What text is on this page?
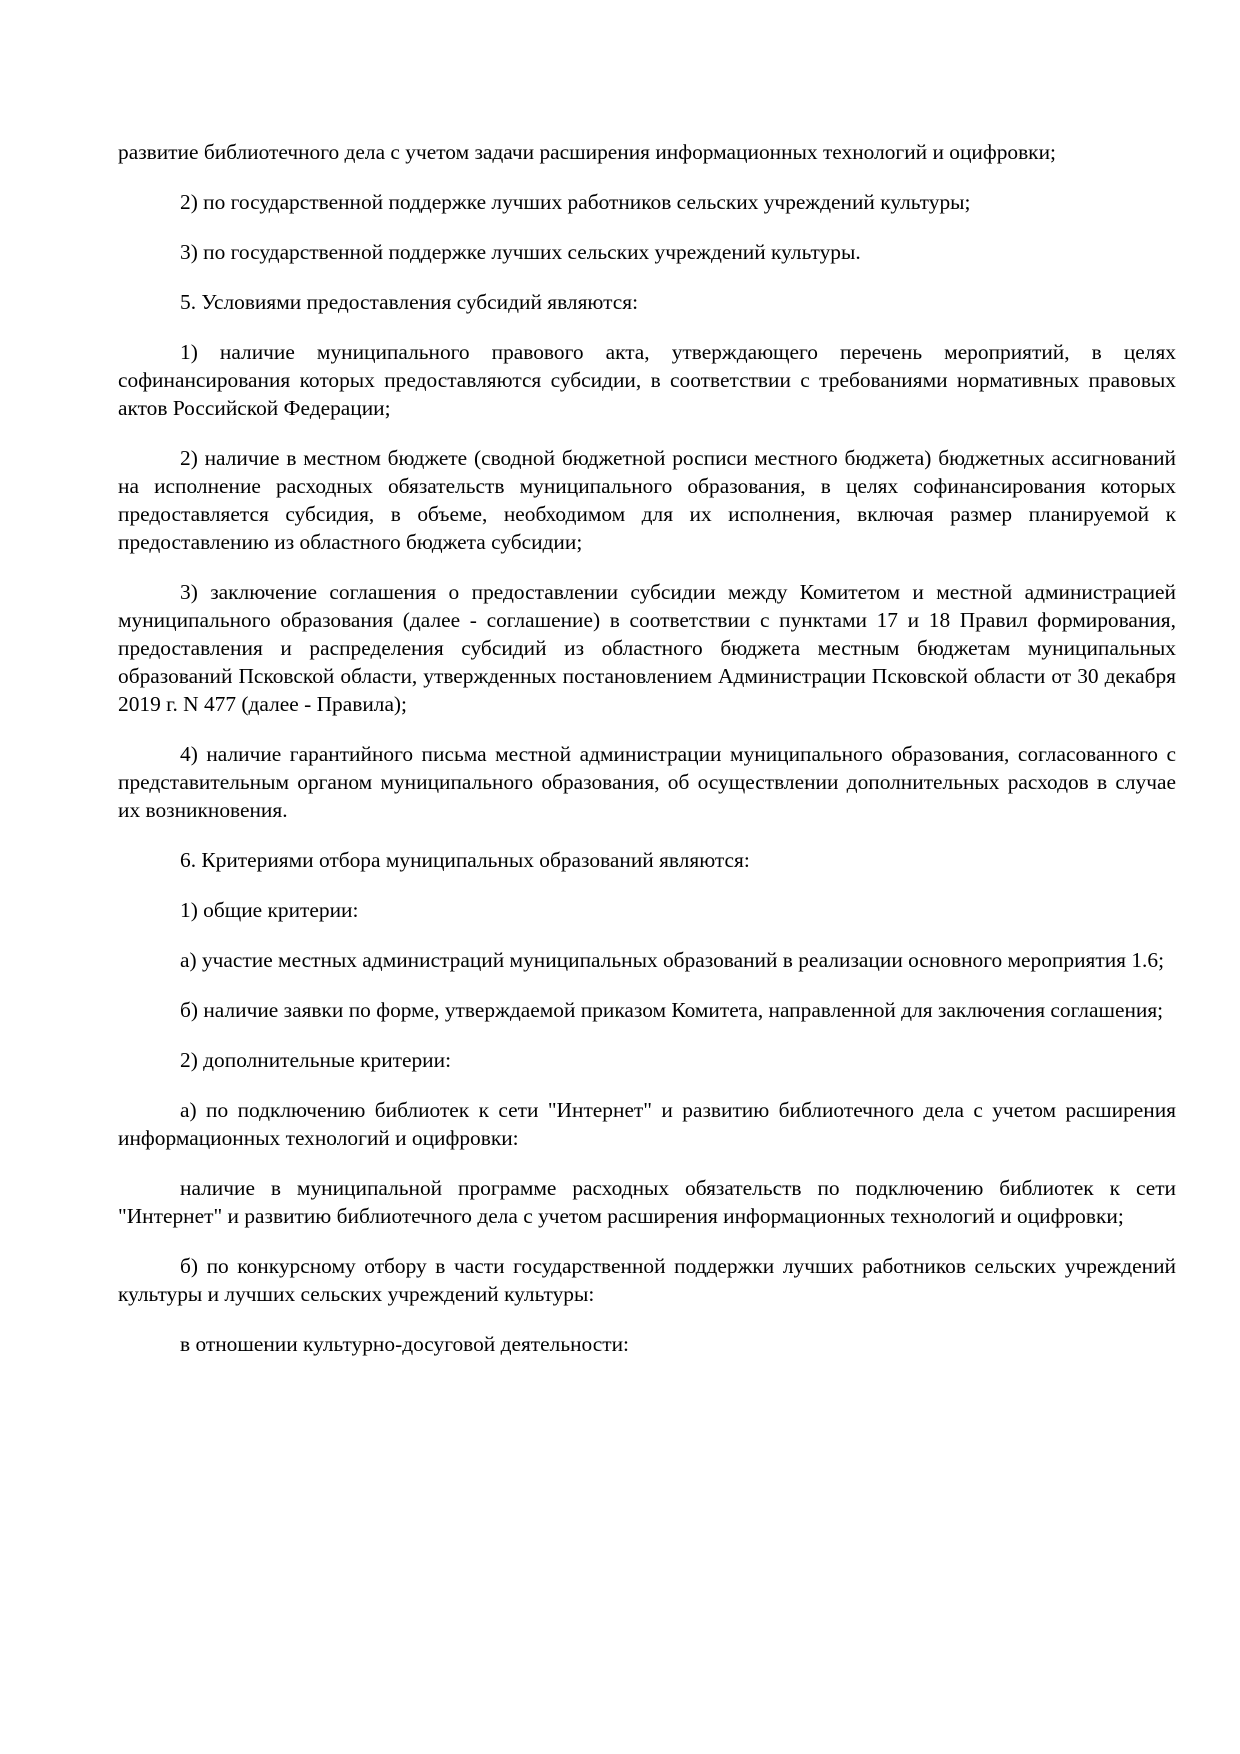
развитие библиотечного дела с учетом задачи расширения информационных технологий и оцифровки;

2) по государственной поддержке лучших работников сельских учреждений культуры;

3) по государственной поддержке лучших сельских учреждений культуры.

5. Условиями предоставления субсидий являются:

1) наличие муниципального правового акта, утверждающего перечень мероприятий, в целях софинансирования которых предоставляются субсидии, в соответствии с требованиями нормативных правовых актов Российской Федерации;

2) наличие в местном бюджете (сводной бюджетной росписи местного бюджета) бюджетных ассигнований на исполнение расходных обязательств муниципального образования, в целях софинансирования которых предоставляется субсидия, в объеме, необходимом для их исполнения, включая размер планируемой к предоставлению из областного бюджета субсидии;

3) заключение соглашения о предоставлении субсидии между Комитетом и местной администрацией муниципального образования (далее - соглашение) в соответствии с пунктами 17 и 18 Правил формирования, предоставления и распределения субсидий из областного бюджета местным бюджетам муниципальных образований Псковской области, утвержденных постановлением Администрации Псковской области от 30 декабря 2019 г. N 477 (далее - Правила);

4) наличие гарантийного письма местной администрации муниципального образования, согласованного с представительным органом муниципального образования, об осуществлении дополнительных расходов в случае их возникновения.

6. Критериями отбора муниципальных образований являются:

1) общие критерии:

а) участие местных администраций муниципальных образований в реализации основного мероприятия 1.6;

б) наличие заявки по форме, утверждаемой приказом Комитета, направленной для заключения соглашения;

2) дополнительные критерии:

а) по подключению библиотек к сети "Интернет" и развитию библиотечного дела с учетом расширения информационных технологий и оцифровки:

наличие в муниципальной программе расходных обязательств по подключению библиотек к сети "Интернет" и развитию библиотечного дела с учетом расширения информационных технологий и оцифровки;

б) по конкурсному отбору в части государственной поддержки лучших работников сельских учреждений культуры и лучших сельских учреждений культуры:

в отношении культурно-досуговой деятельности:
